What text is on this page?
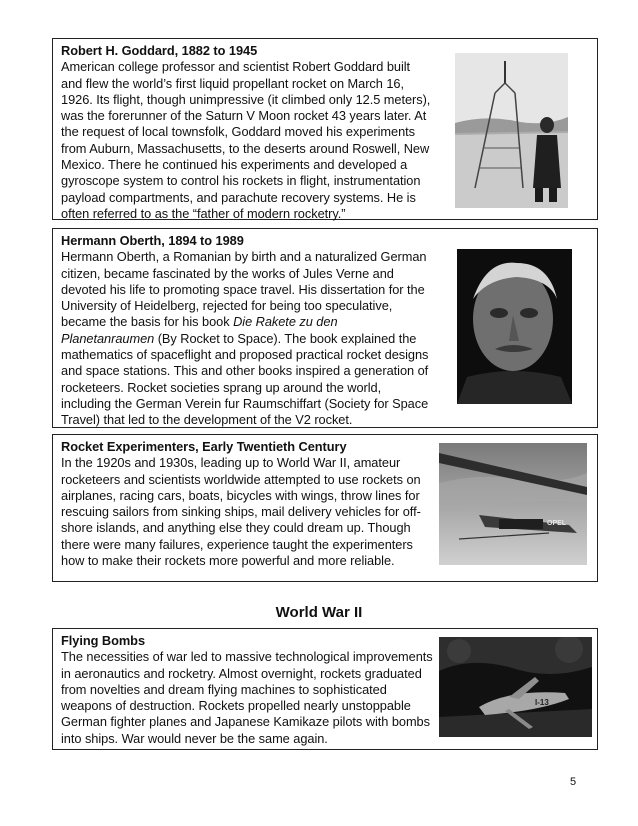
Robert H. Goddard, 1882 to 1945
American college professor and scientist Robert Goddard built and flew the world’s first liquid propellant rocket on March 16, 1926. Its flight, though unimpressive (it climbed only 12.5 meters), was the forerunner of the Saturn V Moon rocket 43 years later. At the request of local townsfolk, Goddard moved his experiments from Auburn, Massachusetts, to the deserts around Roswell, New Mexico. There he continued his experiments and developed a gyroscope system to control his rockets in flight, instrumentation payload compartments, and parachute recovery systems. He is often referred to as the “father of modern rocketry.”
Hermann Oberth, 1894 to 1989
Hermann Oberth, a Romanian by birth and a naturalized German citizen, became fascinated by the works of Jules Verne and devoted his life to promoting space travel. His dissertation for the University of Heidelberg, rejected for being too speculative, became the basis for his book Die Rakete zu den Planetanraumen (By Rocket to Space). The book explained the mathematics of spaceflight and proposed practical rocket designs and space stations. This and other books inspired a generation of rocketeers. Rocket societies sprang up around the world, including the German Verein fur Raumschiffart (Society for Space Travel) that led to the development of the V2 rocket.
Rocket Experimenters, Early Twentieth Century
In the 1920s and 1930s, leading up to World War II, amateur rocketeers and scientists worldwide attempted to use rockets on airplanes, racing cars, boats, bicycles with wings, throw lines for rescuing sailors from sinking ships, mail delivery vehicles for off-shore islands, and anything else they could dream up. Though there were many failures, experience taught the experimenters how to make their rockets more powerful and more reliable.
OPEL
World War II
Flying Bombs
The necessities of war led to massive technological improvements in aeronautics and rocketry. Almost overnight, rockets graduated from novelties and dream flying machines to sophisticated weapons of destruction. Rockets propelled nearly unstoppable German fighter planes and Japanese Kamikaze pilots with bombs into ships. War would never be the same again.
I-13
5
